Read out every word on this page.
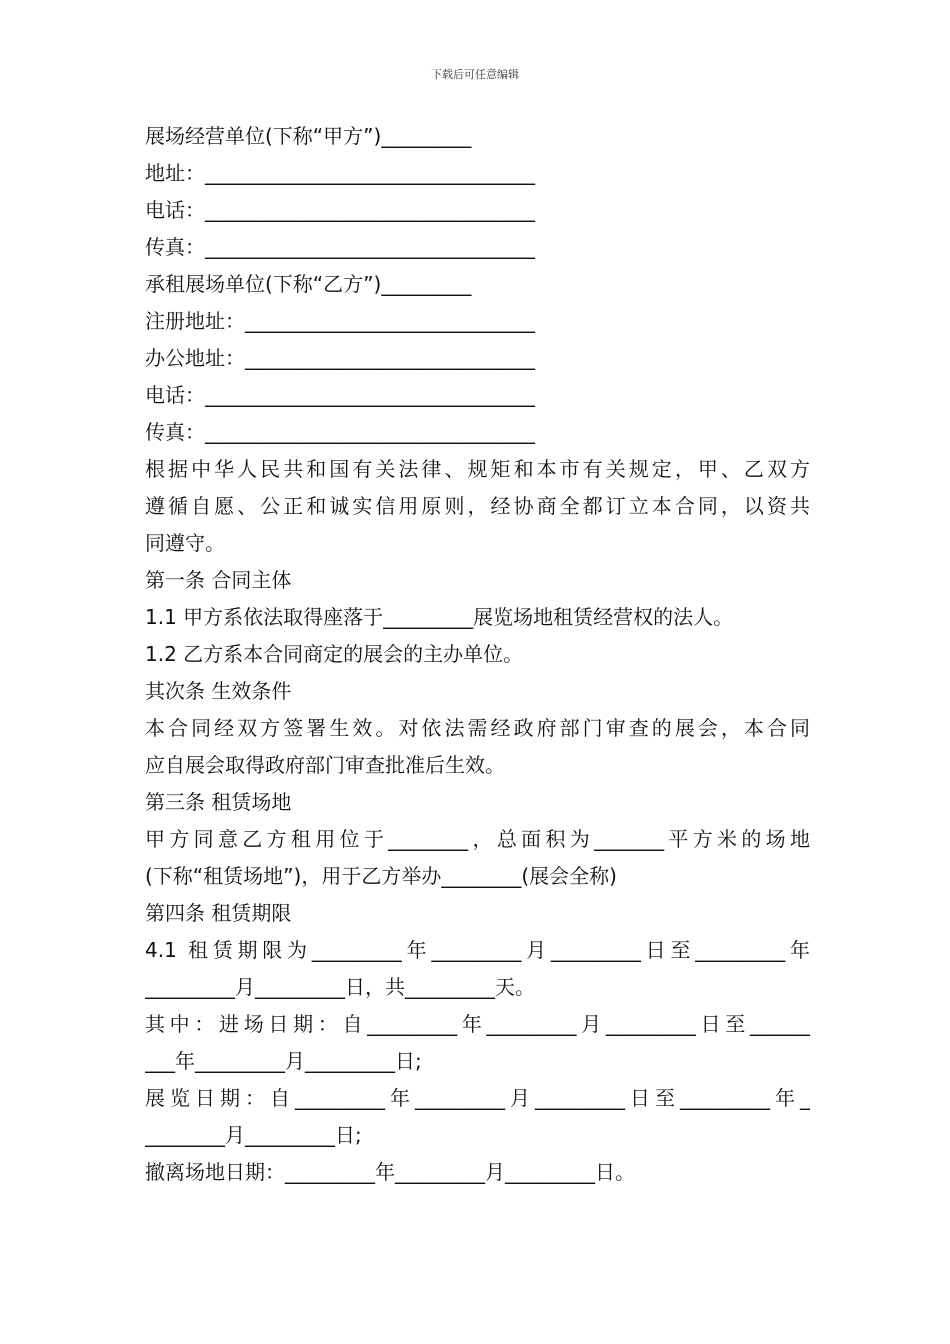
下载后可任意编辑
展场经营单位(下称“甲方”)_________
地址：_________________________________
电话：_________________________________
传真：_________________________________
承租展场单位(下称“乙方”)_________
注册地址：_____________________________
办公地址：_____________________________
电话：_________________________________
传真：_________________________________
根据中华人民共和国有关法律、规矩和本市有关规定，甲、乙双方
遵循自愿、公正和诚实信用原则，经协商全都订立本合同，以资共
同遵守。
第一条 合同主体
1.1 甲方系依法取得座落于_________展览场地租赁经营权的法人。
1.2 乙方系本合同商定的展会的主办单位。
其次条 生效条件
本合同经双方签署生效。对依法需经政府部门审查的展会，本合同
应自展会取得政府部门审查批准后生效。
第三条 租赁场地
甲方同意乙方租用位于________，总面积为_______平方米的场地
(下称“租赁场地”)，用于乙方举办________(展会全称)
第四条 租赁期限
4.1 租赁期限为_________年_________月_________日至_________年
_________月_________日，共_________天。
其中：进场日期：自_________年_________月_________日至______
___年_________月_________日;
展览日期：自_________年_________月_________日至_________年_
________月_________日;
撤离场地日期：_________年_________月_________日。
